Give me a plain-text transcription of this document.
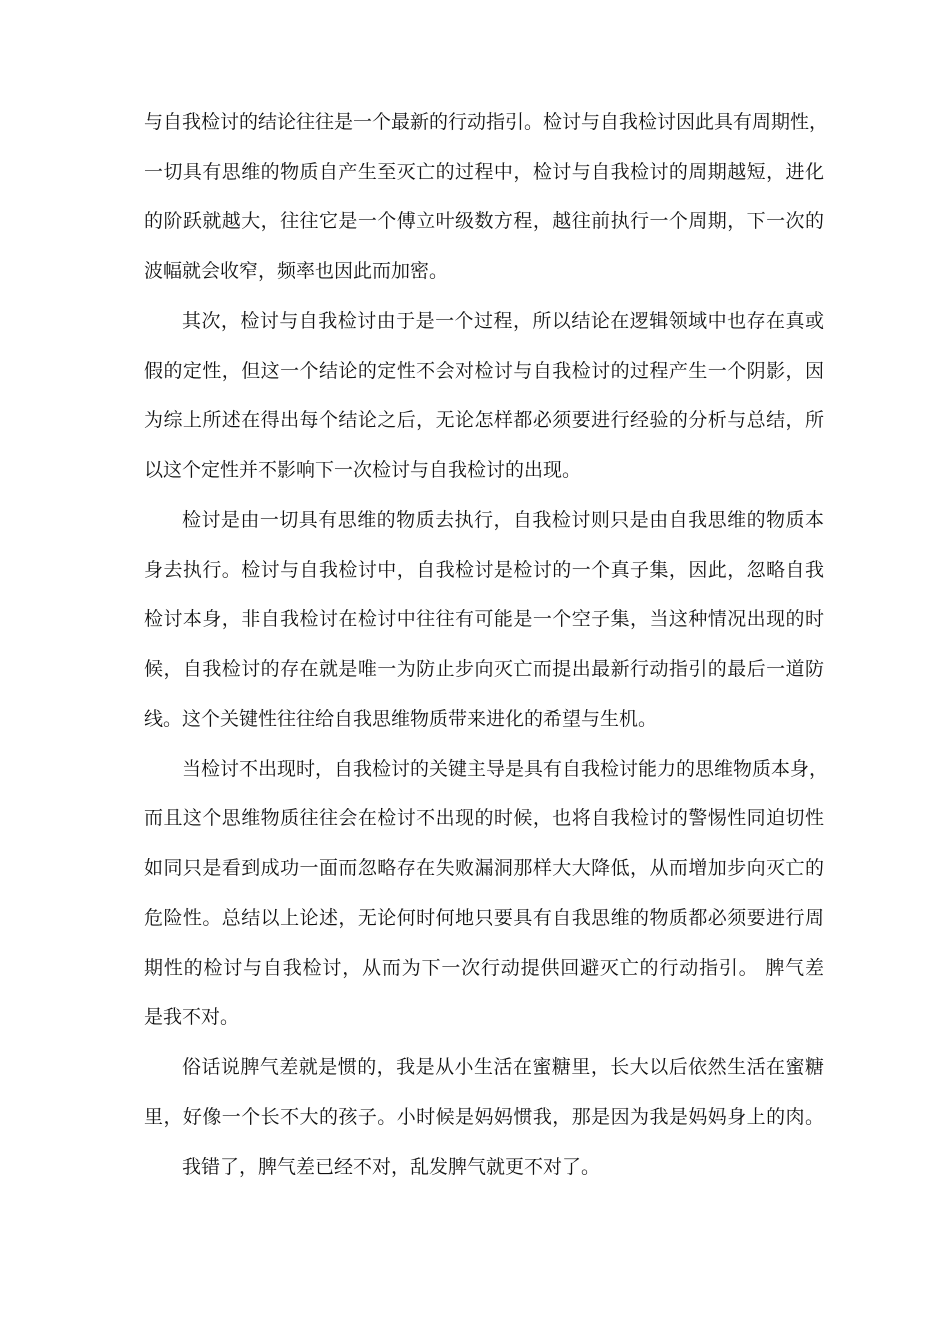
与自我检讨的结论往往是一个最新的行动指引。检讨与自我检讨因此具有周期性，
一切具有思维的物质自产生至灭亡的过程中，检讨与自我检讨的周期越短，进化
的阶跃就越大，往往它是一个傅立叶级数方程，越往前执行一个周期，下一次的
波幅就会收窄，频率也因此而加密。
其次，检讨与自我检讨由于是一个过程，所以结论在逻辑领域中也存在真或
假的定性，但这一个结论的定性不会对检讨与自我检讨的过程产生一个阴影，因
为综上所述在得出每个结论之后，无论怎样都必须要进行经验的分析与总结，所
以这个定性并不影响下一次检讨与自我检讨的出现。
检讨是由一切具有思维的物质去执行，自我检讨则只是由自我思维的物质本
身去执行。检讨与自我检讨中，自我检讨是检讨的一个真子集，因此，忽略自我
检讨本身，非自我检讨在检讨中往往有可能是一个空子集，当这种情况出现的时
候，自我检讨的存在就是唯一为防止步向灭亡而提出最新行动指引的最后一道防
线。这个关键性往往给自我思维物质带来进化的希望与生机。
当检讨不出现时，自我检讨的关键主导是具有自我检讨能力的思维物质本身，
而且这个思维物质往往会在检讨不出现的时候，也将自我检讨的警惕性同迫切性
如同只是看到成功一面而忽略存在失败漏洞那样大大降低，从而增加步向灭亡的
危险性。总结以上论述，无论何时何地只要具有自我思维的物质都必须要进行周
期性的检讨与自我检讨，从而为下一次行动提供回避灭亡的行动指引。 脾气差
是我不对。
俗话说脾气差就是惯的，我是从小生活在蜜糖里，长大以后依然生活在蜜糖
里，好像一个长不大的孩子。小时候是妈妈惯我，那是因为我是妈妈身上的肉。
我错了，脾气差已经不对，乱发脾气就更不对了。
